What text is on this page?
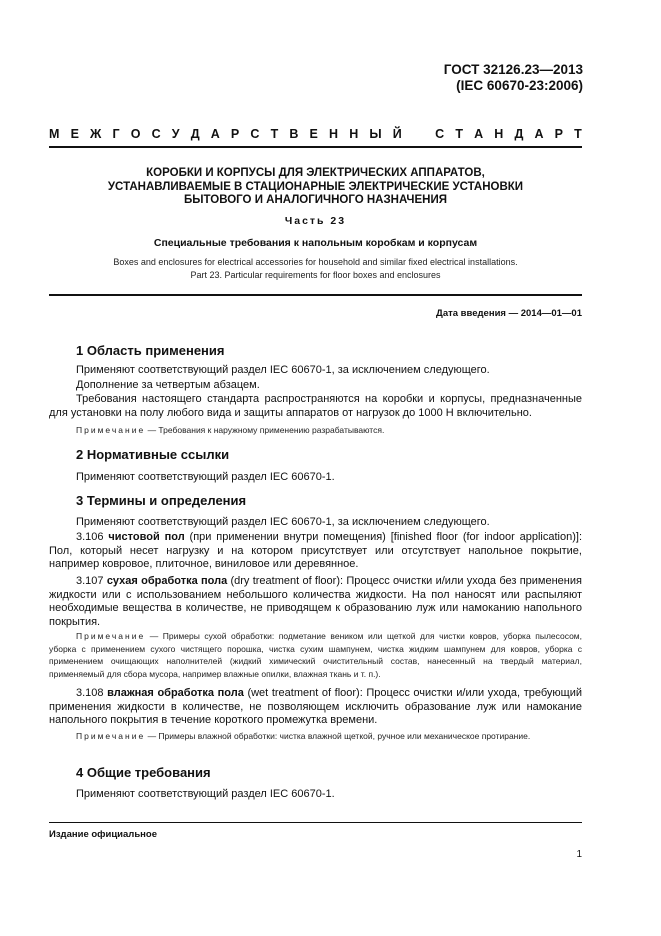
ГОСТ 32126.23—2013
(IEC 60670-23:2006)
М Е Ж Г О С У Д А Р С Т В Е Н Н Ы Й	С Т А Н Д А Р Т
КОРОБКИ И КОРПУСЫ ДЛЯ ЭЛЕКТРИЧЕСКИХ АППАРАТОВ,
УСТАНАВЛИВАЕМЫЕ В СТАЦИОНАРНЫЕ ЭЛЕКТРИЧЕСКИЕ УСТАНОВКИ
БЫТОВОГО И АНАЛОГИЧНОГО НАЗНАЧЕНИЯ
Часть 23
Специальные требования к напольным коробкам и корпусам
Boxes and enclosures for electrical accessories for household and similar fixed electrical installations.
Part 23. Particular requirements for floor boxes and enclosures
Дата введения — 2014—01—01
1 Область применения
Применяют соответствующий раздел IEC 60670-1, за исключением следующего.
Дополнение за четвертым абзацем.
Требования настоящего стандарта распространяются на коробки и корпусы, предназначенные для установки на полу любого вида и защиты аппаратов от нагрузок до 1000 Н включительно.
Примечание — Требования к наружному применению разрабатываются.
2 Нормативные ссылки
Применяют соответствующий раздел IEC 60670-1.
3 Термины и определения
Применяют соответствующий раздел IEC 60670-1, за исключением следующего.
3.106 чистовой пол (при применении внутри помещения) [finished floor (for indoor application)]: Пол, который несет нагрузку и на котором присутствует или отсутствует напольное покрытие, например ковровое, плиточное, виниловое или деревянное.
3.107 сухая обработка пола (dry treatment of floor): Процесс очистки и/или ухода без применения жидкости или с использованием небольшого количества жидкости. На пол наносят или распыляют необходимые вещества в количестве, не приводящем к образованию луж или намоканию напольного покрытия.
Примечание — Примеры сухой обработки: подметание веником или щеткой для чистки ковров, уборка пылесосом, уборка с применением сухого чистящего порошка, чистка сухим шампунем, чистка жидким шампунем для ковров, уборка с применением очищающих наполнителей (жидкий химический очистительный состав, нанесенный на твердый материал, применяемый для сбора мусора, например влажные опилки, влажная ткань и т. п.).
3.108 влажная обработка пола (wet treatment of floor): Процесс очистки и/или ухода, требующий применения жидкости в количестве, не позволяющем исключить образование луж или намокание напольного покрытия в течение короткого промежутка времени.
Примечание — Примеры влажной обработки: чистка влажной щеткой, ручное или механическое протирание.
4 Общие требования
Применяют соответствующий раздел IEC 60670-1.
Издание официальное
1
